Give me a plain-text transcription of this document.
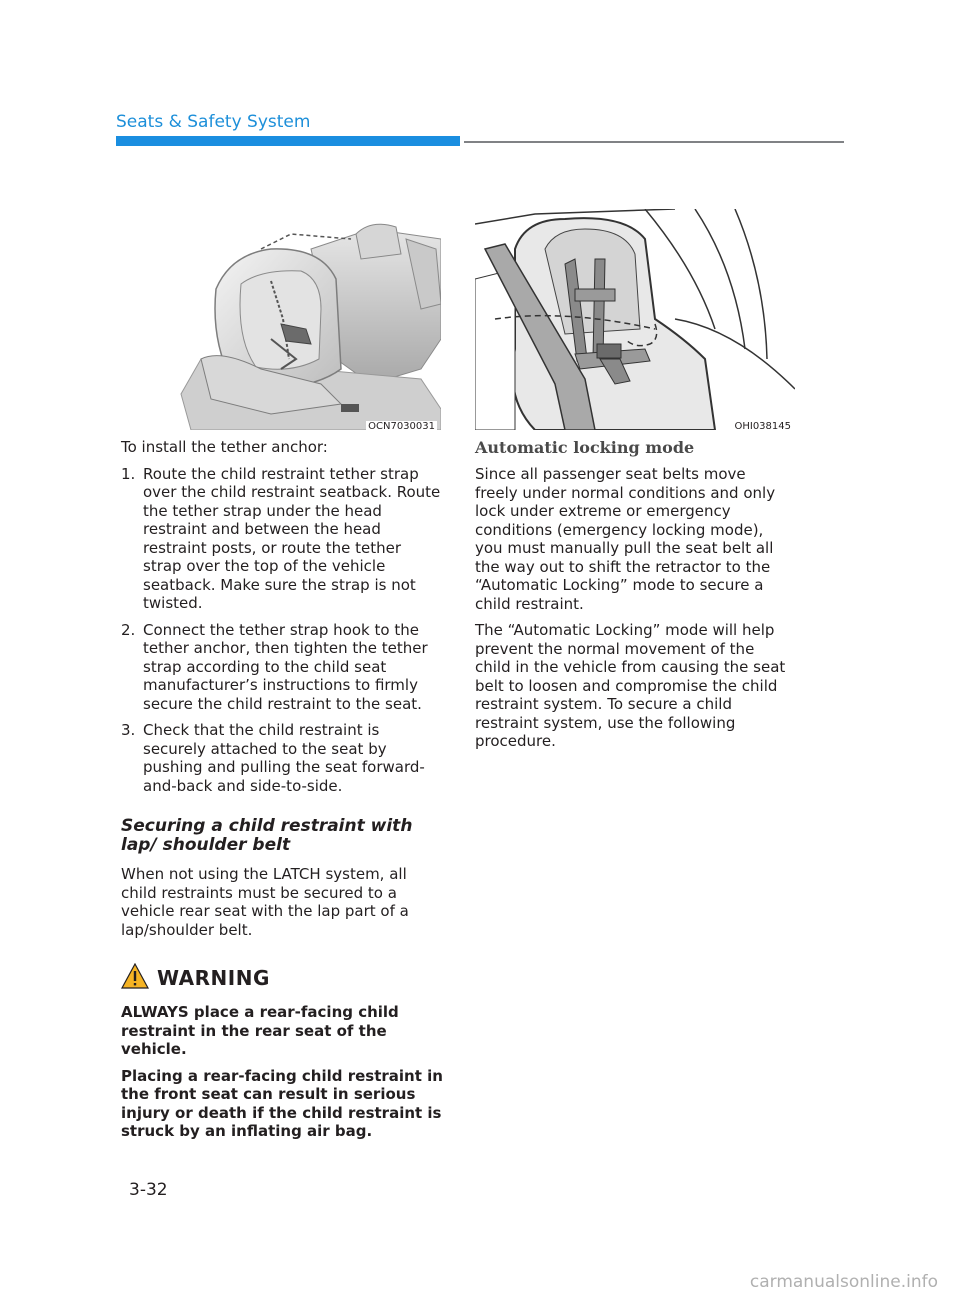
Seats & Safety System
OCN7030031	OHI038145

To install the tether anchor:

1. Route the child restraint tether strap over the child restraint seatback. Route the tether strap under the head restraint and between the head restraint posts, or route the tether strap over the top of the vehicle seatback. Make sure the strap is not twisted.
2. Connect the tether strap hook to the tether anchor, then tighten the tether strap according to the child seat manufacturer’s instructions to firmly secure the child restraint to the seat.
3. Check that the child restraint is securely attached to the seat by pushing and pulling the seat forward-and-back and side-to-side.
Securing a child restraint with lap/ shoulder belt

When not using the LATCH system, all child restraints must be secured to a vehicle rear seat with the lap part of a lap/shoulder belt.

WARNING

ALWAYS place a rear-facing child restraint in the rear seat of the vehicle.

Placing a rear-facing child restraint in the front seat can result in serious injury or death if the child restraint is struck by an inflating air bag.

Automatic locking mode

Since all passenger seat belts move freely under normal conditions and only lock under extreme or emergency conditions (emergency locking mode), you must manually pull the seat belt all the way out to shift the retractor to the “Automatic Locking” mode to secure a child restraint.

The “Automatic Locking” mode will help prevent the normal movement of the child in the vehicle from causing the seat belt to loosen and compromise the child restraint system. To secure a child restraint system, use the following procedure.

3-32
carmanualsonline.info
